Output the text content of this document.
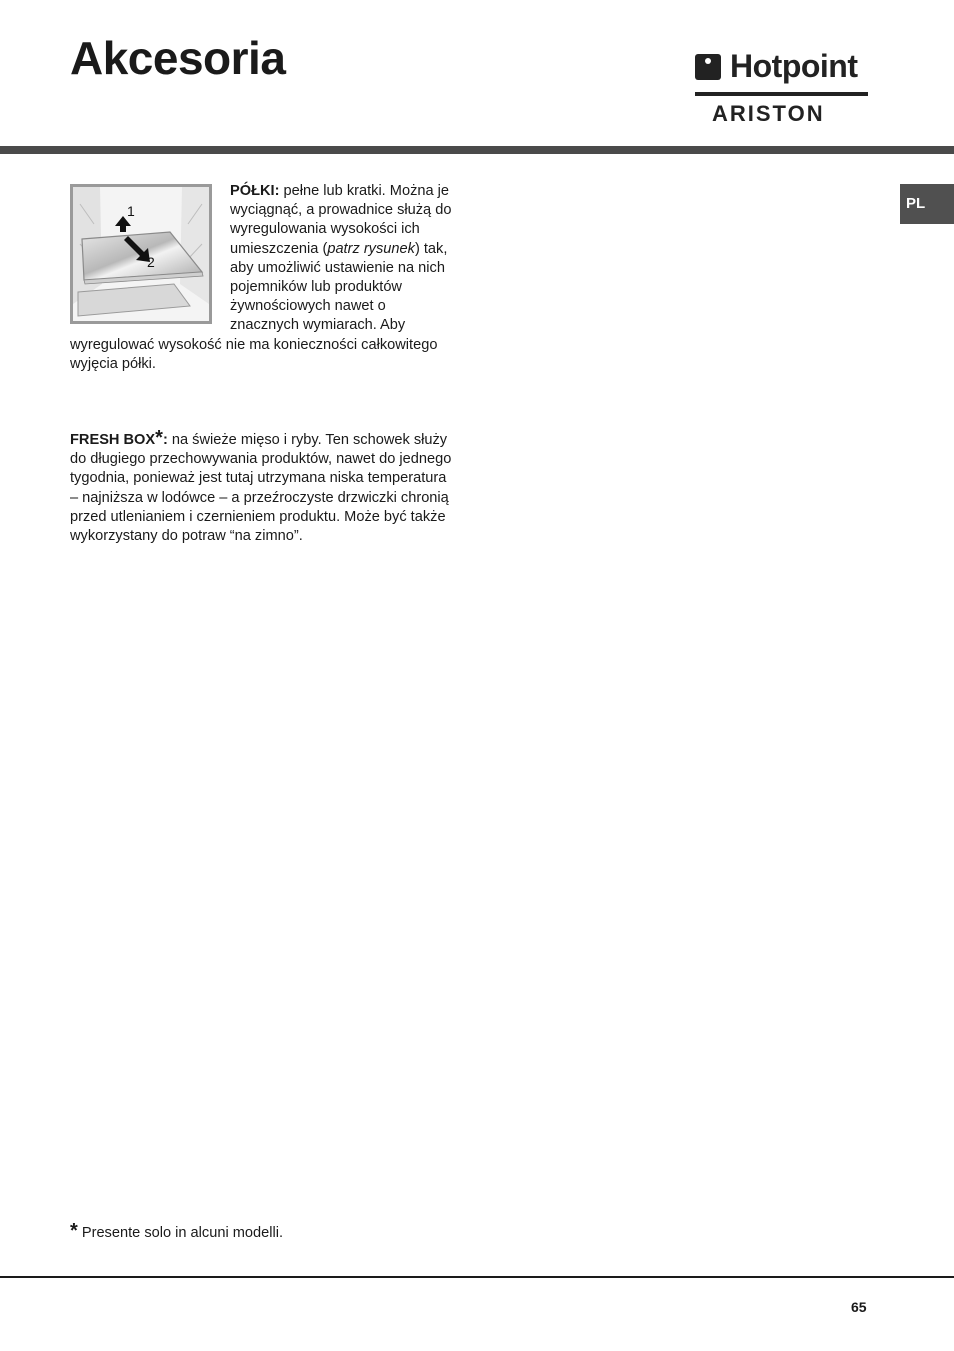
Akcesoria	Hotpoint
ARISTON
PL
1
2

PÓŁKI: pełne lub kratki. Można je wyciągnąć, a prowadnice służą do wyregulowania wysokości ich umieszczenia (patrz rysunek) tak, aby umożliwić ustawienie na nich pojemników lub produktów żywnościowych nawet o znacznych wymiarach. Aby wyregulować wysokość nie ma konieczności całkowitego wyjęcia półki.

FRESH BOX*: na świeże mięso i ryby. Ten schowek służy do długiego przechowywania produktów, nawet do jednego tygodnia, ponieważ jest tutaj utrzymana niska temperatura – najniższa w lodówce – a przeźroczyste drzwiczki chronią przed utlenianiem i czernieniem produktu. Może być także wykorzystany do potraw “na zimno”.

* Presente solo in alcuni modelli.
65
